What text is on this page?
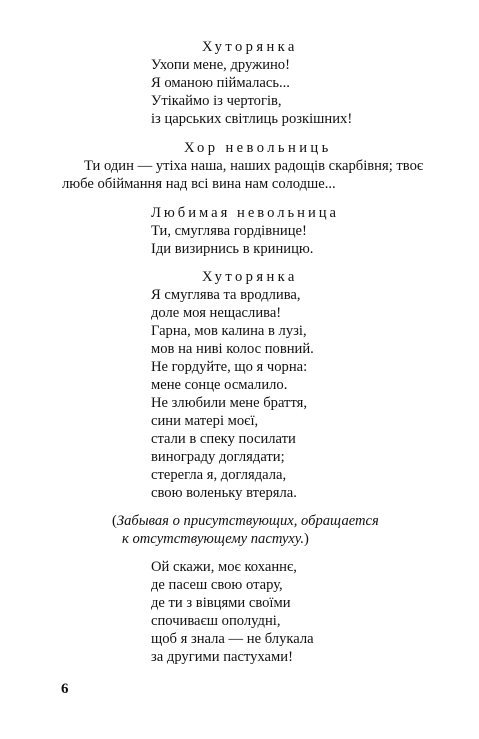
Хуторянка
Ухопи мене, дружино!
Я оманою піймалась...
Утікаймо із чертогів,
із царських світлиць розкішних!
Хор невольниць
Ти один — утіха наша, наших радощів скарбівня; твоє
любе обіймання над всі вина нам солодше...
Любимая невольница
Ти, смуглява гордівнице!
Іди визирнись в криницю.
Хуторянка
Я смуглява та вродлива,
доле моя нещаслива!
Гарна, мов калина в лузі,
мов на ниві колос повний.
Не гордуйте, що я чорна:
мене сонце осмалило.
Не злюбили мене браття,
сини матері моєї,
стали в спеку посилати
винограду доглядати;
стерегла я, доглядала,
свою воленьку втеряла.
(Забывая о присутствующих, обращается
к отсутствующему пастуху.)
Ой скажи, моє коханнє,
де пасеш свою отару,
де ти з вівцями своїми
спочиваєш ополудні,
щоб я знала — не блукала
за другими пастухами!
6
